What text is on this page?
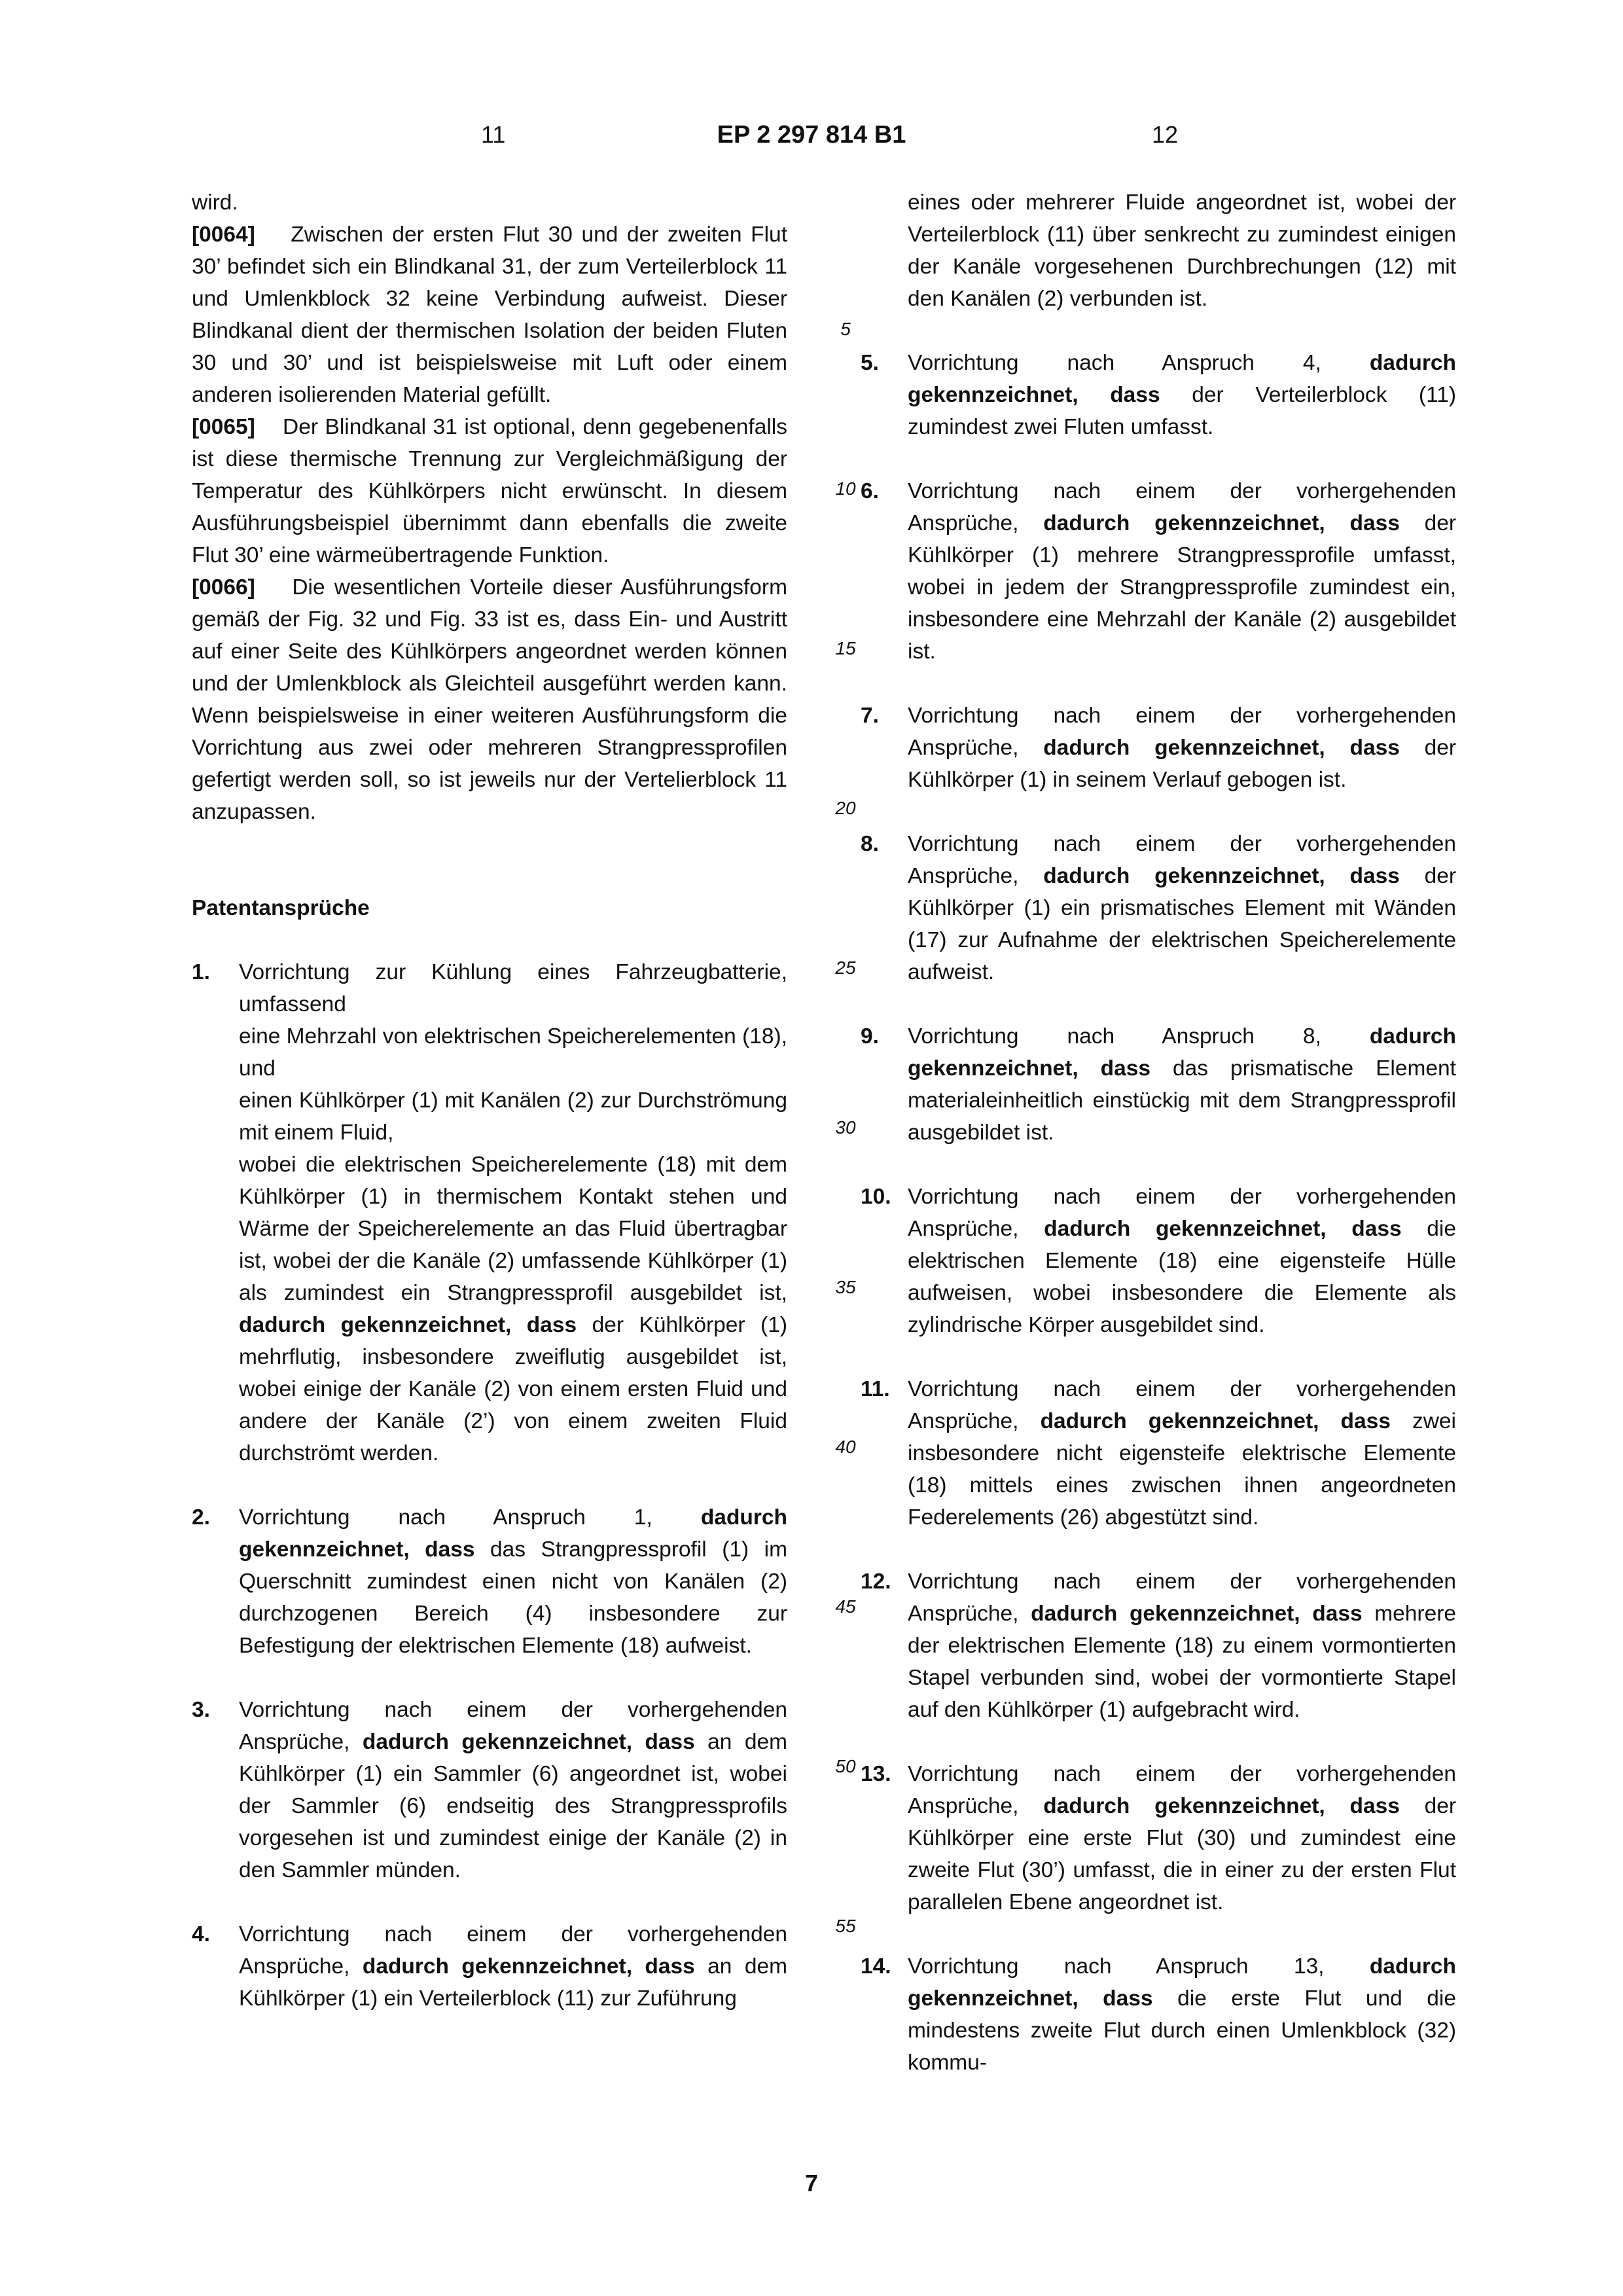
11	EP 2 297 814 B1	12

wird.

[0064] Zwischen der ersten Flut 30 und der zweiten Flut 30’ befindet sich ein Blindkanal 31, der zum Verteilerblock 11 und Umlenkblock 32 keine Verbindung aufweist. Dieser Blindkanal dient der thermischen Isolation der beiden Fluten 30 und 30’ und ist beispielsweise mit Luft oder einem anderen isolierenden Material gefüllt.

[0065] Der Blindkanal 31 ist optional, denn gegebenenfalls ist diese thermische Trennung zur Vergleichmäßigung der Temperatur des Kühlkörpers nicht erwünscht. In diesem Ausführungsbeispiel übernimmt dann ebenfalls die zweite Flut 30’ eine wärmeübertragende Funktion.

[0066] Die wesentlichen Vorteile dieser Ausführungsform gemäß der Fig. 32 und Fig. 33 ist es, dass Ein- und Austritt auf einer Seite des Kühlkörpers angeordnet werden können und der Umlenkblock als Gleichteil ausgeführt werden kann. Wenn beispielsweise in einer weiteren Ausführungsform die Vorrichtung aus zwei oder mehreren Strangpressprofilen gefertigt werden soll, so ist jeweils nur der Vertelierblock 11 anzupassen.

Patentansprüche

1.	Vorrichtung zur Kühlung eines Fahrzeugbatterie, umfassend
eine Mehrzahl von elektrischen Speicherelementen (18), und
einen Kühlkörper (1) mit Kanälen (2) zur Durchströmung mit einem Fluid,
wobei die elektrischen Speicherelemente (18) mit dem Kühlkörper (1) in thermischem Kontakt stehen und Wärme der Speicherelemente an das Fluid übertragbar ist, wobei der die Kanäle (2) umfassende Kühlkörper (1) als zumindest ein Strangpressprofil ausgebildet ist, dadurch gekennzeichnet, dass der Kühlkörper (1) mehrflutig, insbesondere zweiflutig ausgebildet ist, wobei einige der Kanäle (2) von einem ersten Fluid und andere der Kanäle (2’) von einem zweiten Fluid durchströmt werden.
2.	Vorrichtung nach Anspruch 1, dadurch gekennzeichnet, dass das Strangpressprofil (1) im Querschnitt zumindest einen nicht von Kanälen (2) durchzogenen Bereich (4) insbesondere zur Befestigung der elektrischen Elemente (18) aufweist.
3.	Vorrichtung nach einem der vorhergehenden Ansprüche, dadurch gekennzeichnet, dass an dem Kühlkörper (1) ein Sammler (6) angeordnet ist, wobei der Sammler (6) endseitig des Strangpressprofils vorgesehen ist und zumindest einige der Kanäle (2) in den Sammler münden.
4.	Vorrichtung nach einem der vorhergehenden Ansprüche, dadurch gekennzeichnet, dass an dem Kühlkörper (1) ein Verteilerblock (11) zur Zuführung
eines oder mehrerer Fluide angeordnet ist, wobei der Verteilerblock (11) über senkrecht zu zumindest einigen der Kanäle vorgesehenen Durchbrechungen (12) mit den Kanälen (2) verbunden ist.
5.	Vorrichtung nach Anspruch 4, dadurch gekennzeichnet, dass der Verteilerblock (11) zumindest zwei Fluten umfasst.
6.	Vorrichtung nach einem der vorhergehenden Ansprüche, dadurch gekennzeichnet, dass der Kühlkörper (1) mehrere Strangpressprofile umfasst, wobei in jedem der Strangpressprofile zumindest ein, insbesondere eine Mehrzahl der Kanäle (2) ausgebildet ist.
7.	Vorrichtung nach einem der vorhergehenden Ansprüche, dadurch gekennzeichnet, dass der Kühlkörper (1) in seinem Verlauf gebogen ist.
8.	Vorrichtung nach einem der vorhergehenden Ansprüche, dadurch gekennzeichnet, dass der Kühlkörper (1) ein prismatisches Element mit Wänden (17) zur Aufnahme der elektrischen Speicherelemente aufweist.
9.	Vorrichtung nach Anspruch 8, dadurch gekennzeichnet, dass das prismatische Element materialeinheitlich einstückig mit dem Strangpressprofil ausgebildet ist.
10. Vorrichtung nach einem der vorhergehenden Ansprüche, dadurch gekennzeichnet, dass die elektrischen Elemente (18) eine eigensteife Hülle aufweisen, wobei insbesondere die Elemente als zylindrische Körper ausgebildet sind.
11. Vorrichtung nach einem der vorhergehenden Ansprüche, dadurch gekennzeichnet, dass zwei insbesondere nicht eigensteife elektrische Elemente (18) mittels eines zwischen ihnen angeordneten Federelements (26) abgestützt sind.
12. Vorrichtung nach einem der vorhergehenden Ansprüche, dadurch gekennzeichnet, dass mehrere der elektrischen Elemente (18) zu einem vormontierten Stapel verbunden sind, wobei der vormontierte Stapel auf den Kühlkörper (1) aufgebracht wird.
13. Vorrichtung nach einem der vorhergehenden Ansprüche, dadurch gekennzeichnet, dass der Kühlkörper eine erste Flut (30) und zumindest eine zweite Flut (30’) umfasst, die in einer zu der ersten Flut parallelen Ebene angeordnet ist.
14. Vorrichtung nach Anspruch 13, dadurch gekennzeichnet, dass die erste Flut und die mindestens zweite Flut durch einen Umlenkblock (32) kommu-
5
10
15
20
25
30
35
40
45
50
55
7
